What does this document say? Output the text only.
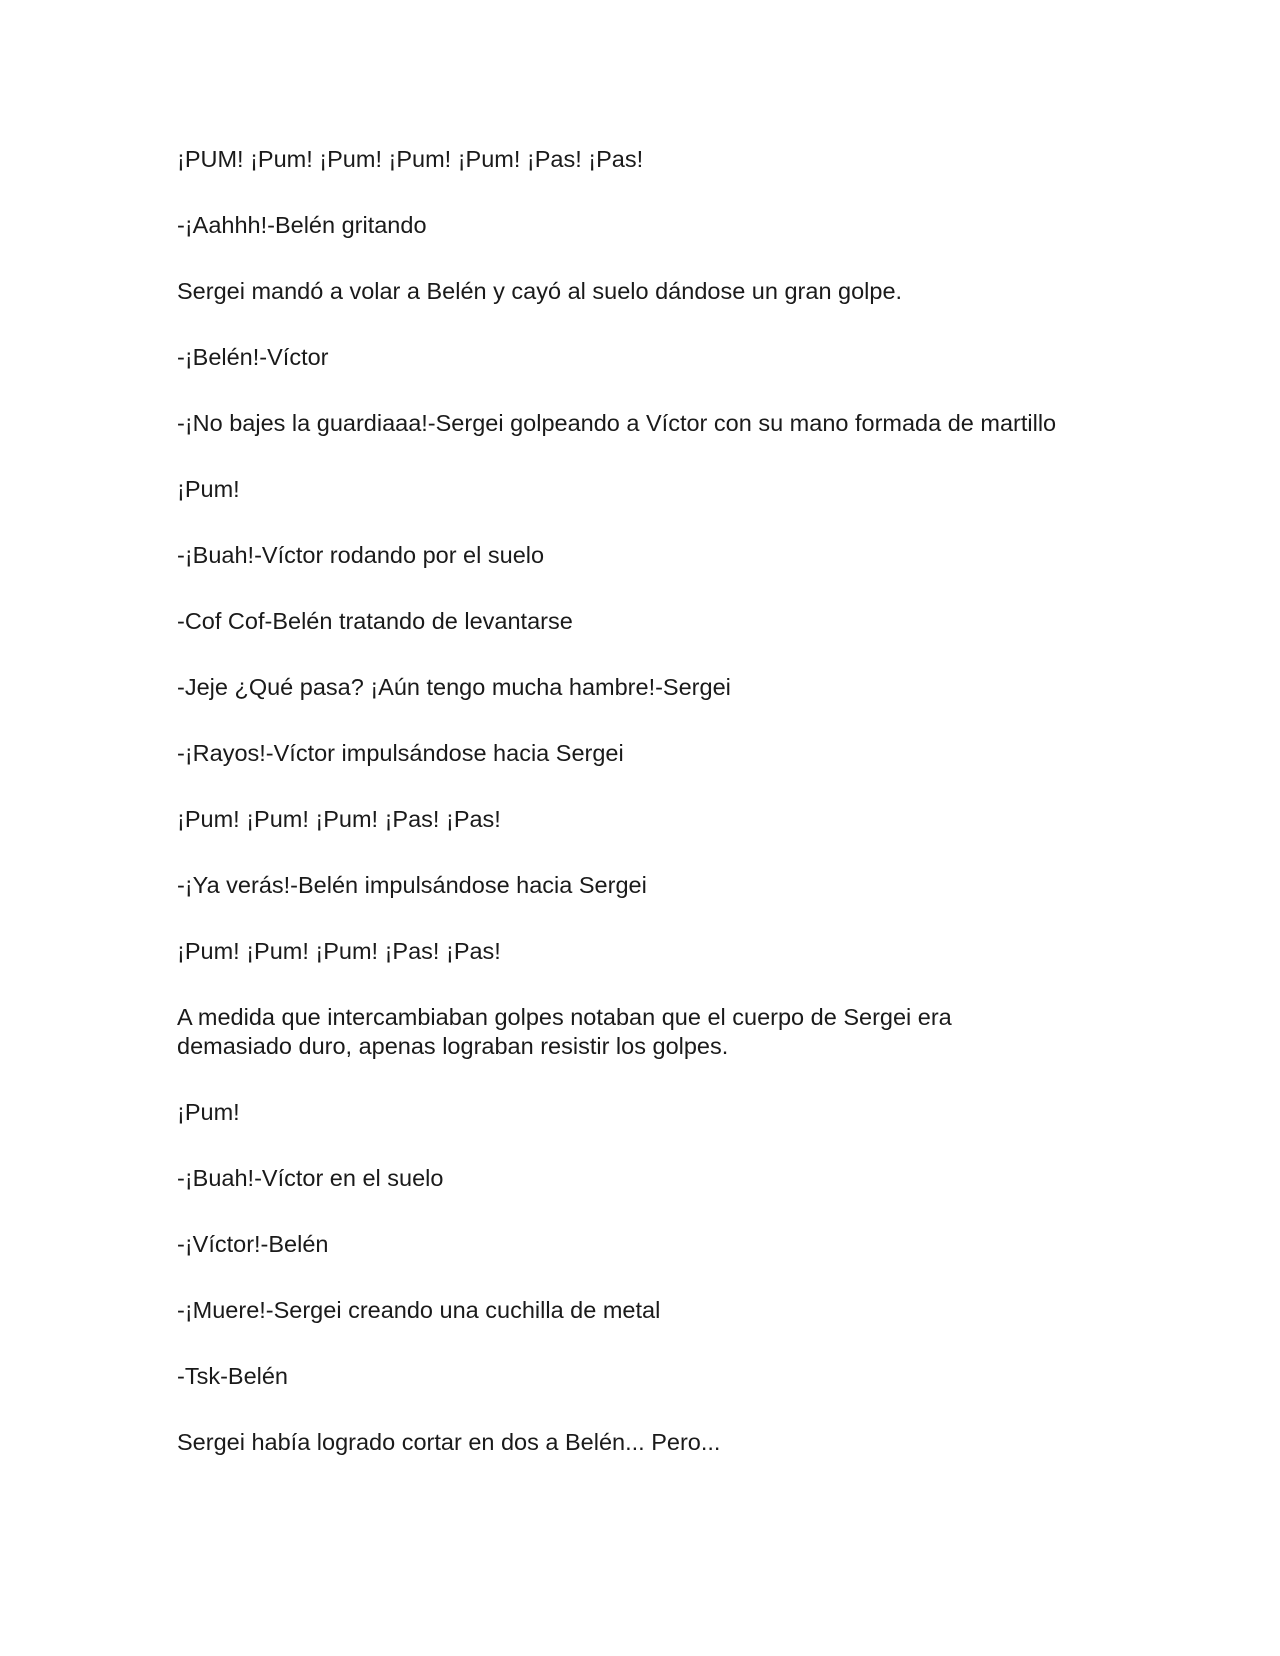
¡PUM! ¡Pum! ¡Pum! ¡Pum! ¡Pum! ¡Pas! ¡Pas!

-¡Aahhh!-Belén gritando

Sergei mandó a volar a Belén y cayó al suelo dándose un gran golpe.

-¡Belén!-Víctor

-¡No bajes la guardiaaa!-Sergei golpeando a Víctor con su mano formada de martillo

¡Pum!

-¡Buah!-Víctor rodando por el suelo

-Cof Cof-Belén tratando de levantarse

-Jeje ¿Qué pasa? ¡Aún tengo mucha hambre!-Sergei

-¡Rayos!-Víctor impulsándose hacia Sergei

¡Pum! ¡Pum! ¡Pum! ¡Pas! ¡Pas!

-¡Ya verás!-Belén impulsándose hacia Sergei

¡Pum! ¡Pum! ¡Pum! ¡Pas! ¡Pas!

A medida que intercambiaban golpes notaban que el cuerpo de Sergei era demasiado duro, apenas lograban resistir los golpes.

¡Pum!

-¡Buah!-Víctor en el suelo

-¡Víctor!-Belén

-¡Muere!-Sergei creando una cuchilla de metal

-Tsk-Belén

Sergei había logrado cortar en dos a Belén... Pero...
